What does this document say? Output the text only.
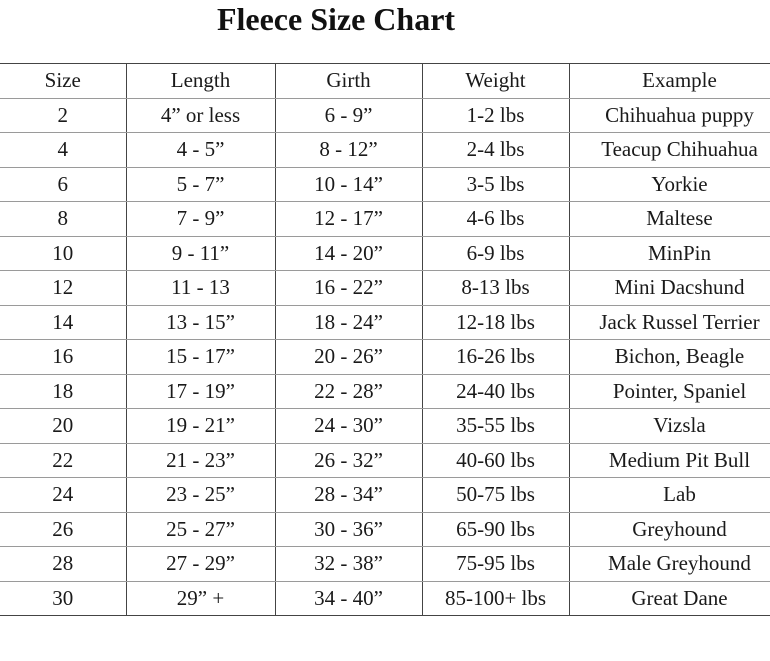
Fleece Size Chart
Size	Length	Girth	Weight	Example
2	4” or less	6 - 9”	1-2 lbs	Chihuahua puppy
4	4 - 5”	8 - 12”	2-4 lbs	Teacup Chihuahua
6	5 - 7”	10 - 14”	3-5 lbs	Yorkie
8	7 - 9”	12 - 17”	4-6 lbs	Maltese
10	9 - 11”	14 - 20”	6-9 lbs	MinPin
12	11 - 13	16 - 22”	8-13 lbs	Mini Dacshund
14	13 - 15”	18 - 24”	12-18 lbs	Jack Russel Terrier
16	15 - 17”	20 - 26”	16-26 lbs	Bichon, Beagle
18	17 - 19”	22 - 28”	24-40 lbs	Pointer, Spaniel
20	19 - 21”	24 - 30”	35-55 lbs	Vizsla
22	21 - 23”	26 - 32”	40-60 lbs	Medium Pit Bull
24	23 - 25”	28 - 34”	50-75 lbs	Lab
26	25 - 27”	30 - 36”	65-90 lbs	Greyhound
28	27 - 29”	32 - 38”	75-95 lbs	Male Greyhound
30	29” +	34 - 40”	85-100+ lbs	Great Dane
